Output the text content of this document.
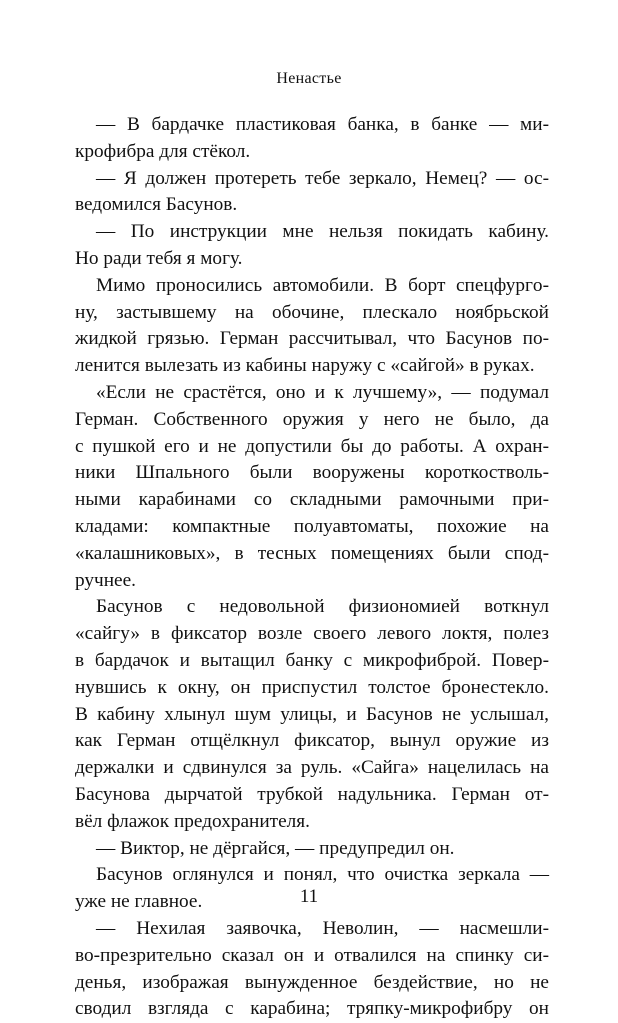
Ненастье
— В бардачке пластиковая банка, в банке — ми-
крофибра для стёкол.
— Я должен протереть тебе зеркало, Немец? — ос-
ведомился Басунов.
— По инструкции мне нельзя покидать кабину.
Но ради тебя я могу.
Мимо проносились автомобили. В борт спецфургo-
ну, застывшему на обочине, плескало ноябрьской
жидкой грязью. Герман рассчитывал, что Басунов по-
ленится вылезать из кабины наружу с «сайгой» в руках.
«Если не срастётся, оно и к лучшему», — подумал
Герман. Собственного оружия у него не было, да
с пушкой его и не допустили бы до работы. А охран-
ники Шпального были вооружены короткостволь-
ными карабинами со складными рамочными при-
кладами: компактные полуавтоматы, похожие на
«калашниковых», в тесных помещениях были спод-
ручнее.
Басунов с недовольной физиономией воткнул
«сайгу» в фиксатор возле своего левого локтя, полез
в бардачок и вытащил банку с микрофиброй. Повер-
нувшись к окну, он приспустил толстое бронестекло.
В кабину хлынул шум улицы, и Басунов не услышал,
как Герман отщёлкнул фиксатор, вынул оружие из
держалки и сдвинулся за руль. «Сайга» нацелилась на
Басунова дырчатой трубкой надульника. Герман от-
вёл флажок предохранителя.
— Виктор, не дёргайся, — предупредил он.
Басунов оглянулся и понял, что очистка зеркала —
уже не главное.
— Нехилая заявочка, Неволин, — насмешли-
во-презрительно сказал он и отвалился на спинку си-
денья, изображая вынужденное бездействие, но не
сводил взгляда с карабина; тряпку-микрофибру он
11
